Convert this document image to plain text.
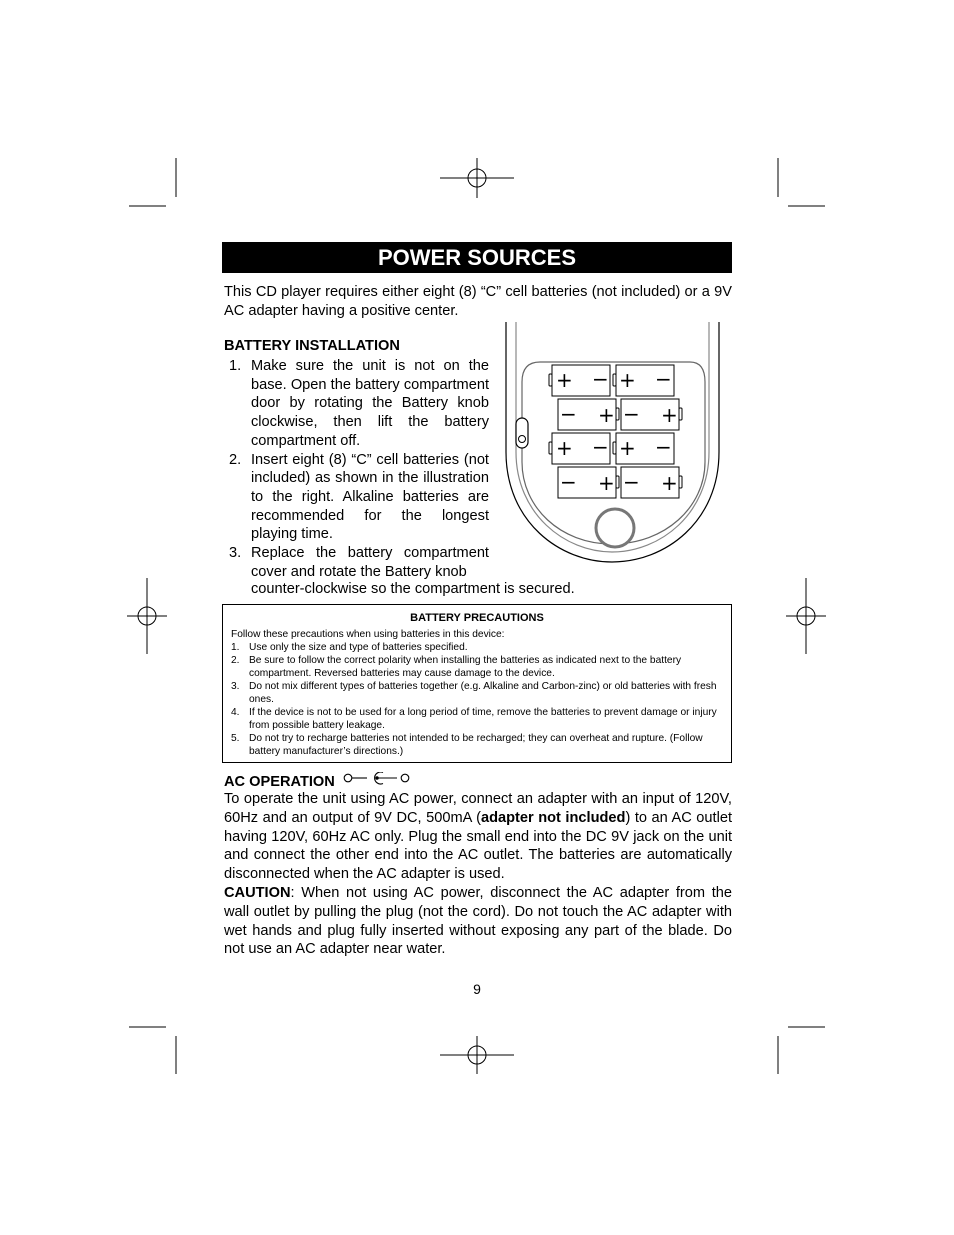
POWER SOURCES
This CD player requires either eight (8) “C” cell batteries (not included) or a 9V AC adapter having a positive center.
BATTERY INSTALLATION
1. Make sure the unit is not on the base. Open the battery compartment door by rotating the Battery knob clockwise, then lift the battery compartment off.
2. Insert eight (8) “C” cell batteries (not included) as shown in the illustration to the right. Alkaline batteries are recommended for the longest playing time.
3. Replace the battery compartment cover and rotate the Battery knob
counter-clockwise so the compartment is secured.
+ − + −
− + − +
+ − + −
− + − +
BATTERY PRECAUTIONS
Follow these precautions when using batteries in this device:
1. Use only the size and type of batteries specified.
2. Be sure to follow the correct polarity when installing the batteries as indicated next to the battery compartment. Reversed batteries may cause damage to the device.
3. Do not mix different types of batteries together (e.g. Alkaline and Carbon-zinc) or old batteries with fresh ones.
4. If the device is not to be used for a long period of time, remove the batteries to prevent damage or injury from possible battery leakage.
5. Do not try to recharge batteries not intended to be recharged; they can overheat and rupture. (Follow battery manufacturer’s directions.)
AC OPERATION
To operate the unit using AC power, connect an adapter with an input of 120V, 60Hz and an output of 9V DC, 500mA (adapter not included) to an AC outlet having 120V, 60Hz AC only. Plug the small end into the DC 9V jack on the unit and connect the other end into the AC outlet. The batteries are automatically disconnected when the AC adapter is used.
CAUTION: When not using AC power, disconnect the AC adapter from the wall outlet by pulling the plug (not the cord). Do not touch the AC adapter with wet hands and plug fully inserted without exposing any part of the blade. Do not use an AC adapter near water.
9
